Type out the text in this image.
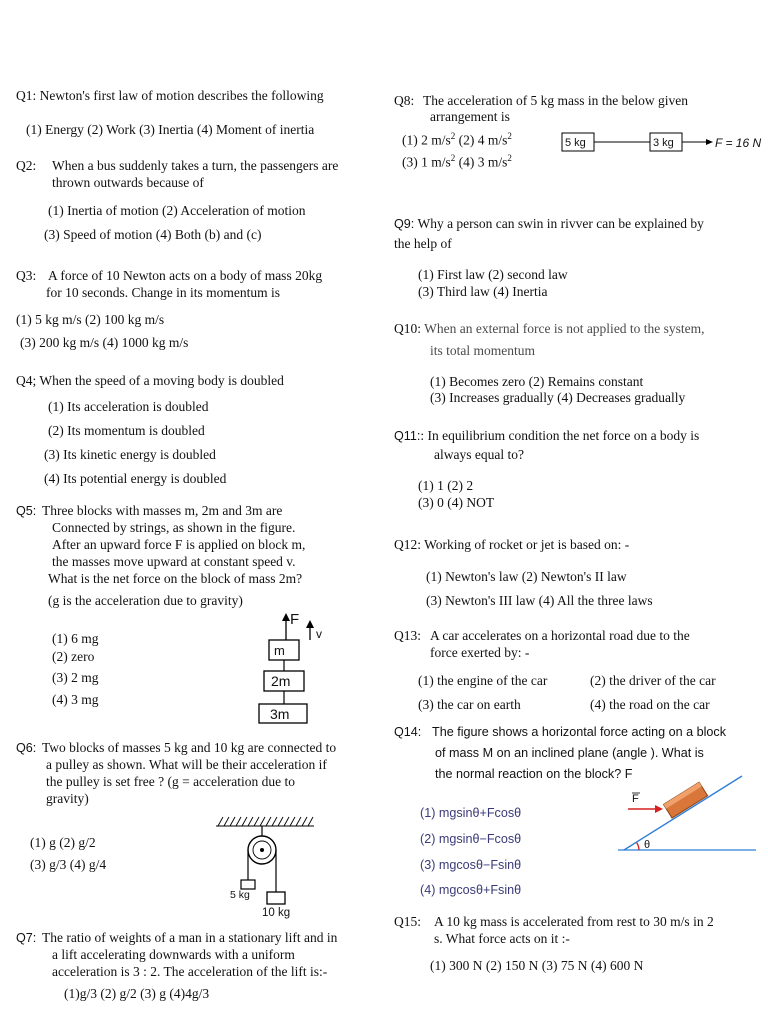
Q1: Newton's first law of motion describes the following
(1) Energy (2) Work (3) Inertia (4) Moment of inertia
Q2: When a bus suddenly takes a turn, the passengers are
thrown outwards because of
(1) Inertia of motion (2) Acceleration of motion
(3) Speed of motion (4) Both (b) and (c)
Q3: A force of 10 Newton acts on a body of mass 20kg
for 10 seconds. Change in its momentum is
(1) 5 kg m/s (2) 100 kg m/s
(3) 200 kg m/s (4) 1000 kg m/s
Q4; When the speed of a moving body is doubled
(1) Its acceleration is doubled
(2) Its momentum is doubled
(3) Its kinetic energy is doubled
(4) Its potential energy is doubled
Q5: Three blocks with masses m, 2m and 3m are
Connected by strings, as shown in the figure.
After an upward force F is applied on block m,
the masses move upward at constant speed v.
What is the net force on the block of mass 2m?
(g is the acceleration due to gravity)
(1) 6 mg
(2) zero
(3) 2 mg
(4) 3 mg
F
v
m
2m
3m
Q6: Two blocks of masses 5 kg and 10 kg are connected to
a pulley as shown. What will be their acceleration if
the pulley is set free ? (g = acceleration due to
gravity)
(1) g (2) g/2
(3) g/3 (4) g/4
5 kg
10 kg
Q7: The ratio of weights of a man in a stationary lift and in
a lift accelerating downwards with a uniform
acceleration is 3 : 2. The acceleration of the lift is:-
(1)g/3 (2) g/2 (3) g (4)4g/3
Q8: The acceleration of 5 kg mass in the below given
arrangement is
(1) 2 $m/s^2$ (2) 4 $m/s^2$
(3) 1 $m/s^2$ (4) 3 $m/s^2$
5 kg	3 kg	F = 16 N
Q9: Why a person can swin in rivver can be explained by
the help of
(1) First law (2) second law
(3) Third law (4) Inertia
Q10: When an external force is not applied to the system,
its total momentum
(1) Becomes zero (2) Remains constant
(3) Increases gradually (4) Decreases gradually
Q11:: In equilibrium condition the net force on a body is
always equal to?
(1) 1 (2) 2
(3) 0 (4) NOT
Q12: Working of rocket or jet is based on: -
(1) Newton's law (2) Newton's II law
(3) Newton's III law (4) All the three laws
Q13: A car accelerates on a horizontal road due to the
force exerted by: -
(1) the engine of the car	(2) the driver of the car
(3) the car on earth	(4) the road on the car
Q14: The figure shows a horizontal force acting on a block
of mass M on an inclined plane (angle ). What is
the normal reaction on the block? F
(1) mgsinθ+Fcosθ
(2) mgsinθ−Fcosθ
(3) mgcosθ−Fsinθ
(4) mgcosθ+Fsinθ
F
θ
Q15: A 10 kg mass is accelerated from rest to 30 m/s in 2
s. What force acts on it :-
(1) 300 N (2) 150 N (3) 75 N (4) 600 N
